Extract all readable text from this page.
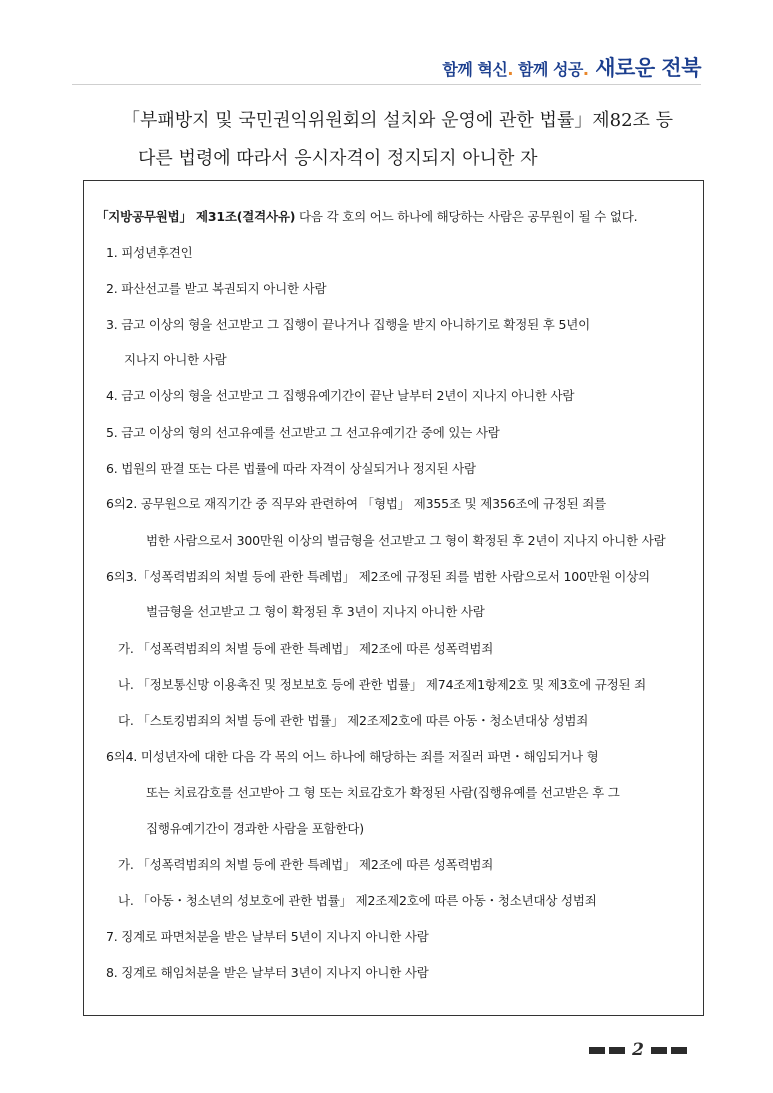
함께 혁신. 함께 성공. 새로운 전북
「부패방지 및 국민권익위원회의 설치와 운영에 관한 법률」제82조 등
다른 법령에 따라서 응시자격이 정지되지 아니한 자
「지방공무원법」 제31조(결격사유) 다음 각 호의 어느 하나에 해당하는 사람은 공무원이 될 수 없다.
1. 피성년후견인
2. 파산선고를 받고 복권되지 아니한 사람
3. 금고 이상의 형을 선고받고 그 집행이 끝나거나 집행을 받지 아니하기로 확정된 후 5년이
지나지 아니한 사람
4. 금고 이상의 형을 선고받고 그 집행유예기간이 끝난 날부터 2년이 지나지 아니한 사람
5. 금고 이상의 형의 선고유예를 선고받고 그 선고유예기간 중에 있는 사람
6. 법원의 판결 또는 다른 법률에 따라 자격이 상실되거나 정지된 사람
6의2. 공무원으로 재직기간 중 직무와 관련하여 「형법」 제355조 및 제356조에 규정된 죄를
범한 사람으로서 300만원 이상의 벌금형을 선고받고 그 형이 확정된 후 2년이 지나지 아니한 사람
6의3.「성폭력범죄의 처벌 등에 관한 특례법」 제2조에 규정된 죄를 범한 사람으로서 100만원 이상의
벌금형을 선고받고 그 형이 확정된 후 3년이 지나지 아니한 사람
가. 「성폭력범죄의 처벌 등에 관한 특례법」 제2조에 따른 성폭력범죄
나. 「정보통신망 이용촉진 및 정보보호 등에 관한 법률」 제74조제1항제2호 및 제3호에 규정된 죄
다. 「스토킹범죄의 처벌 등에 관한 법률」 제2조제2호에 따른 아동・청소년대상 성범죄
6의4. 미성년자에 대한 다음 각 목의 어느 하나에 해당하는 죄를 저질러 파면・해임되거나 형
또는 치료감호를 선고받아 그 형 또는 치료감호가 확정된 사람(집행유예를 선고받은 후 그
집행유예기간이 경과한 사람을 포함한다)
가. 「성폭력범죄의 처벌 등에 관한 특례법」 제2조에 따른 성폭력범죄
나. 「아동・청소년의 성보호에 관한 법률」 제2조제2호에 따른 아동・청소년대상 성범죄
7. 징계로 파면처분을 받은 날부터 5년이 지나지 아니한 사람
8. 징계로 해임처분을 받은 날부터 3년이 지나지 아니한 사람
2
